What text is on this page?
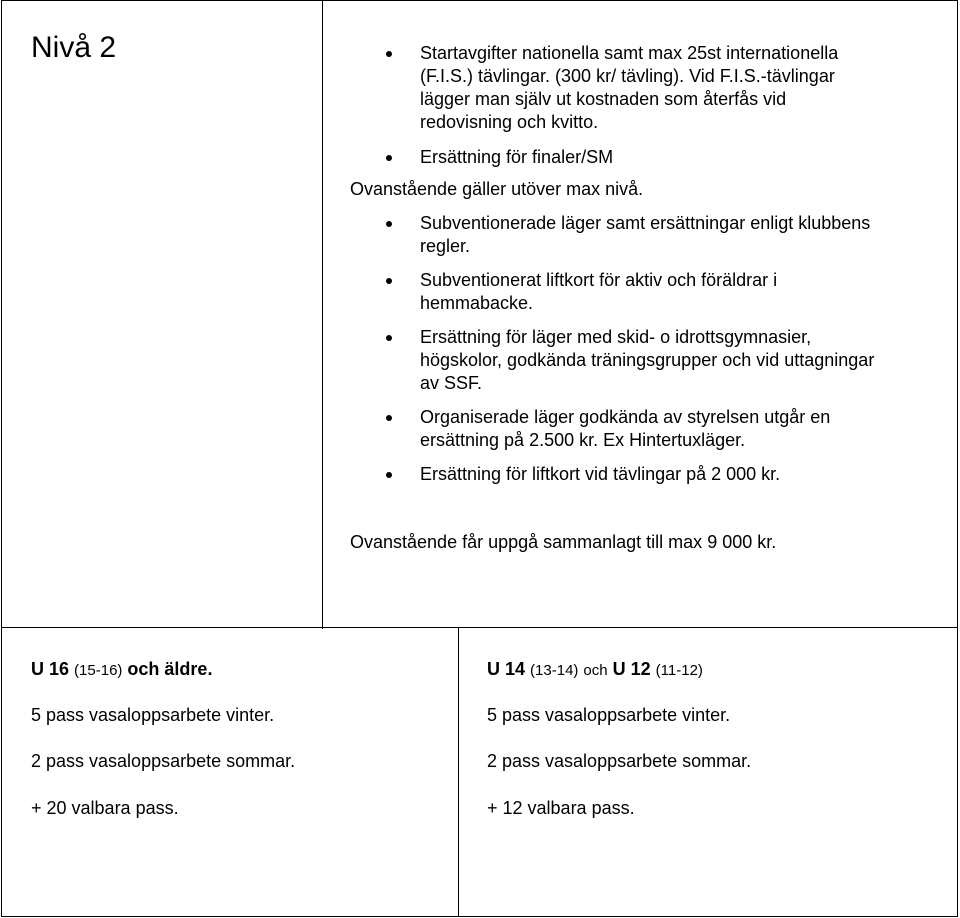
Nivå 2	Startavgifter nationella samt max 25st internationella
(F.I.S.) tävlingar. (300 kr/ tävling). Vid F.I.S.-tävlingar
lägger man själv ut kostnaden som återfås vid
redovisning och kvitto.
Ersättning för finaler/SM
Ovanstående gäller utöver max nivå.
Subventionerade läger samt ersättningar enligt klubbens
regler.
Subventionerat liftkort för aktiv och föräldrar i
hemmabacke.
Ersättning för läger med skid- o idrottsgymnasier,
högskolor, godkända träningsgrupper och vid uttagningar
av SSF.
Organiserade läger godkända av styrelsen utgår en
ersättning på 2.500 kr. Ex Hintertuxläger.
Ersättning för liftkort vid tävlingar på 2 000 kr.
Ovanstående får uppgå sammanlagt till max 9 000 kr.
U 16 (15-16) och äldre.
5 pass vasaloppsarbete vinter.
2 pass vasaloppsarbete sommar.
+ 20 valbara pass.
U 14 (13-14) och U 12 (11-12)
5 pass vasaloppsarbete vinter.
2 pass vasaloppsarbete sommar.
+ 12 valbara pass.
